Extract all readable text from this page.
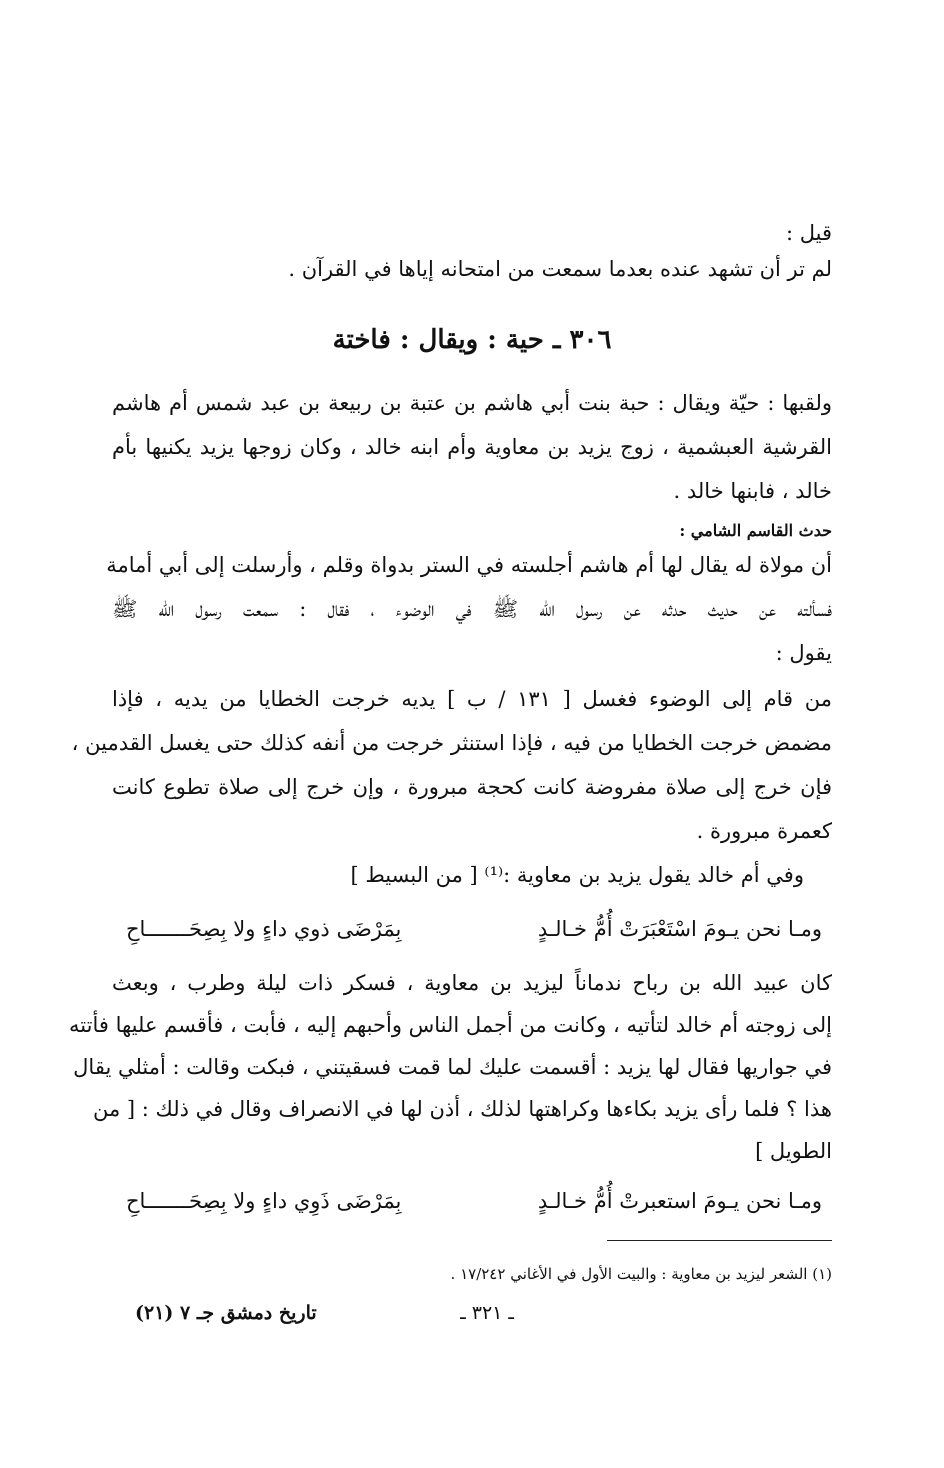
قيل :
لم تر أن تشهد عنده بعدما سمعت من امتحانه إياها في القرآن .
٣٠٦ ـ حية : ويقال : فاختة
ولقبها : حيّة ويقال : حبة بنت أبي هاشم بن عتبة بن ربيعة بن عبد شمس أم هاشم
القرشية العبشمية ، زوج يزيد بن معاوية وأم ابنه خالد ، وكان زوجها يزيد يكنيها بأم
خالد ، فابنها خالد .
حدث القاسم الشامي :
أن مولاة له يقال لها أم هاشم أجلسته في الستر بدواة وقلم ، وأرسلت إلى أبي أمامة
فسألته عن حديث حدثه عن رسول الله ﷺ في الوضوء ، فقال : سمعت رسول الله ﷺ
يقول :
من قام إلى الوضوء فغسل [ ١٣١ / ب ] يديه خرجت الخطايا من يديه ، فإذا
مضمض خرجت الخطايا من فيه ، فإذا استنثر خرجت من أنفه كذلك حتى يغسل القدمين ،
فإن خرج إلى صلاة مفروضة كانت كحجة مبرورة ، وإن خرج إلى صلاة تطوع كانت
كعمرة مبرورة .
وفي أم خالد يقول يزيد بن معاوية :⁽¹⁾ [ من البسيط ]
ومـا نحن يـومَ اسْتَعْبَرَتْ أُمُّ خـالـدٍ
بِمَرْضَى ذوي داءٍ ولا بِصِحَـــــــاحِ
كان عبيد الله بن رباح ندماناً ليزيد بن معاوية ، فسكر ذات ليلة وطرب ، وبعث
إلى زوجته أم خالد لتأتيه ، وكانت من أجمل الناس وأحبهم إليه ، فأبت ، فأقسم عليها فأتته
في جواريها فقال لها يزيد : أقسمت عليك لما قمت فسقيتني ، فبكت وقالت : أمثلي يقال
هذا ؟ فلما رأى يزيد بكاءها وكراهتها لذلك ، أذن لها في الانصراف وقال في ذلك : [ من
الطويل ]
ومـا نحن يـومَ استعبرتْ أُمُّ خـالـدٍ
بِمَرْضَى ذَوِي داءٍ ولا بِصِحَـــــــاحِ
(١) الشعر ليزيد بن معاوية : والبيت الأول في الأغاني ١٧/٢٤٢ .
ـ ٣٢١ ـ
تاريخ دمشق جـ ٧ (٢١)
